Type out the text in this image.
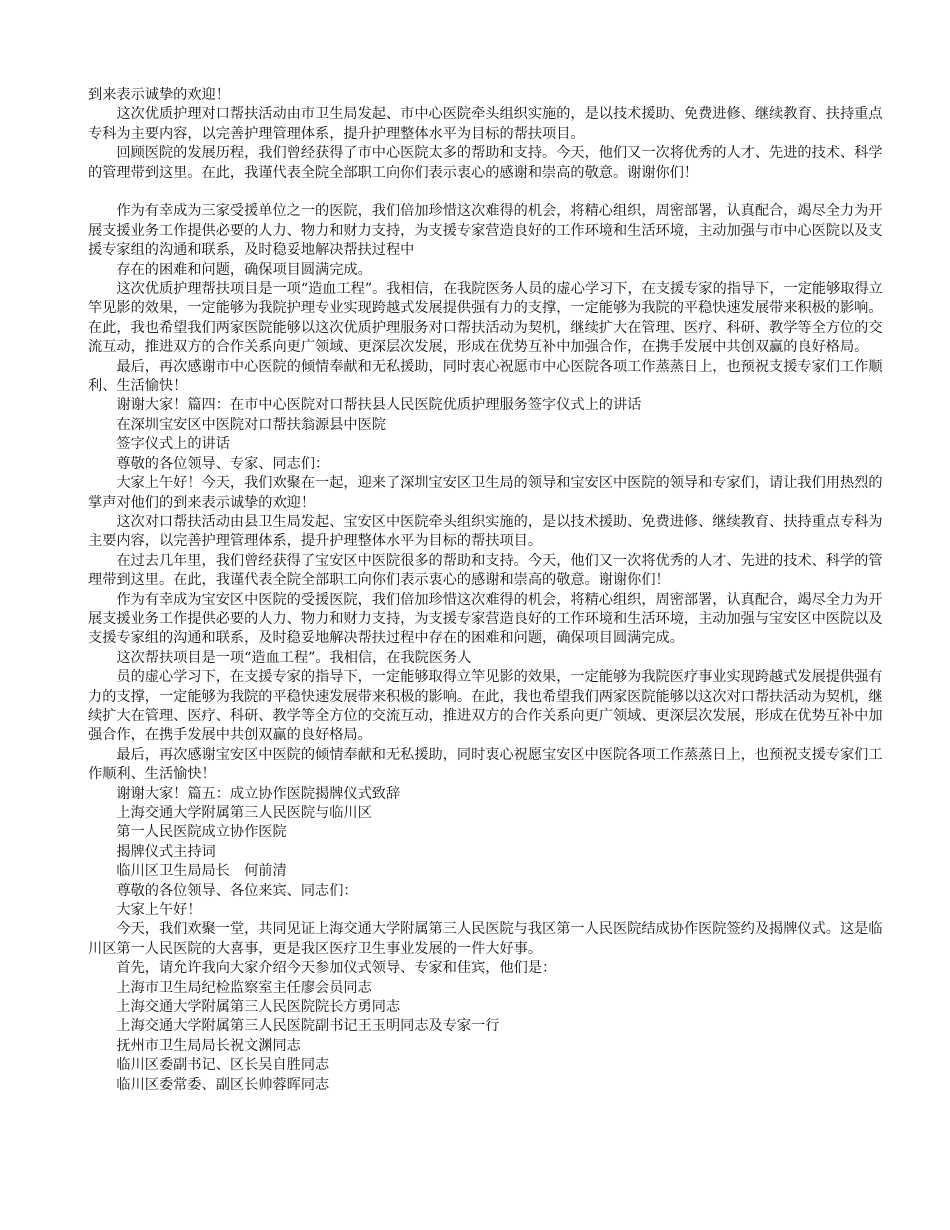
到来表示诚挚的欢迎！

这次优质护理对口帮扶活动由市卫生局发起、市中心医院牵头组织实施的，是以技术援助、免费进修、继续教育、扶持重点专科为主要内容，以完善护理管理体系，提升护理整体水平为目标的帮扶项目。

回顾医院的发展历程，我们曾经获得了市中心医院太多的帮助和支持。今天，他们又一次将优秀的人才、先进的技术、科学的管理带到这里。在此，我谨代表全院全部职工向你们表示衷心的感谢和崇高的敬意。谢谢你们！

作为有幸成为三家受援单位之一的医院，我们倍加珍惜这次难得的机会，将精心组织，周密部署，认真配合，竭尽全力为开展支援业务工作提供必要的人力、物力和财力支持，为支援专家营造良好的工作环境和生活环境，主动加强与市中心医院以及支援专家组的沟通和联系，及时稳妥地解决帮扶过程中

存在的困难和问题，确保项目圆满完成。

这次优质护理帮扶项目是一项“造血工程”。我相信，在我院医务人员的虚心学习下，在支援专家的指导下，一定能够取得立竿见影的效果，一定能够为我院护理专业实现跨越式发展提供强有力的支撑，一定能够为我院的平稳快速发展带来积极的影响。在此，我也希望我们两家医院能够以这次优质护理服务对口帮扶活动为契机，继续扩大在管理、医疗、科研、教学等全方位的交流互动，推进双方的合作关系向更广领域、更深层次发展，形成在优势互补中加强合作，在携手发展中共创双赢的良好格局。

最后，再次感谢市中心医院的倾情奉献和无私援助，同时衷心祝愿市中心医院各项工作蒸蒸日上，也预祝支援专家们工作顺利、生活愉快！

谢谢大家！篇四：在市中心医院对口帮扶县人民医院优质护理服务签字仪式上的讲话

在深圳宝安区中医院对口帮扶翁源县中医院

签字仪式上的讲话

尊敬的各位领导、专家、同志们：

大家上午好！今天，我们欢聚在一起，迎来了深圳宝安区卫生局的领导和宝安区中医院的领导和专家们，请让我们用热烈的掌声对他们的到来表示诚挚的欢迎！

这次对口帮扶活动由县卫生局发起、宝安区中医院牵头组织实施的，是以技术援助、免费进修、继续教育、扶持重点专科为主要内容，以完善护理管理体系，提升护理整体水平为目标的帮扶项目。

在过去几年里，我们曾经获得了宝安区中医院很多的帮助和支持。今天，他们又一次将优秀的人才、先进的技术、科学的管理带到这里。在此，我谨代表全院全部职工向你们表示衷心的感谢和崇高的敬意。谢谢你们！

作为有幸成为宝安区中医院的受援医院，我们倍加珍惜这次难得的机会，将精心组织，周密部署，认真配合，竭尽全力为开展支援业务工作提供必要的人力、物力和财力支持，为支援专家营造良好的工作环境和生活环境，主动加强与宝安区中医院以及支援专家组的沟通和联系，及时稳妥地解决帮扶过程中存在的困难和问题，确保项目圆满完成。

这次帮扶项目是一项“造血工程”。我相信，在我院医务人

员的虚心学习下，在支援专家的指导下，一定能够取得立竿见影的效果，一定能够为我院医疗事业实现跨越式发展提供强有力的支撑，一定能够为我院的平稳快速发展带来积极的影响。在此，我也希望我们两家医院能够以这次对口帮扶活动为契机，继续扩大在管理、医疗、科研、教学等全方位的交流互动，推进双方的合作关系向更广领域、更深层次发展，形成在优势互补中加强合作，在携手发展中共创双赢的良好格局。

最后，再次感谢宝安区中医院的倾情奉献和无私援助，同时衷心祝愿宝安区中医院各项工作蒸蒸日上，也预祝支援专家们工作顺利、生活愉快！

谢谢大家！篇五：成立协作医院揭牌仪式致辞

上海交通大学附属第三人民医院与临川区

第一人民医院成立协作医院

揭牌仪式主持词

临川区卫生局局长　何前清

尊敬的各位领导、各位来宾、同志们：

大家上午好！

今天，我们欢聚一堂，共同见证上海交通大学附属第三人民医院与我区第一人民医院结成协作医院签约及揭牌仪式。这是临川区第一人民医院的大喜事，更是我区医疗卫生事业发展的一件大好事。

首先，请允许我向大家介绍今天参加仪式领导、专家和佳宾，他们是：

上海市卫生局纪检监察室主任廖会员同志

上海交通大学附属第三人民医院院长方勇同志

上海交通大学附属第三人民医院副书记王玉明同志及专家一行

抚州市卫生局局长祝文渊同志

临川区委副书记、区长吴自胜同志

临川区委常委、副区长帅蓉晖同志
